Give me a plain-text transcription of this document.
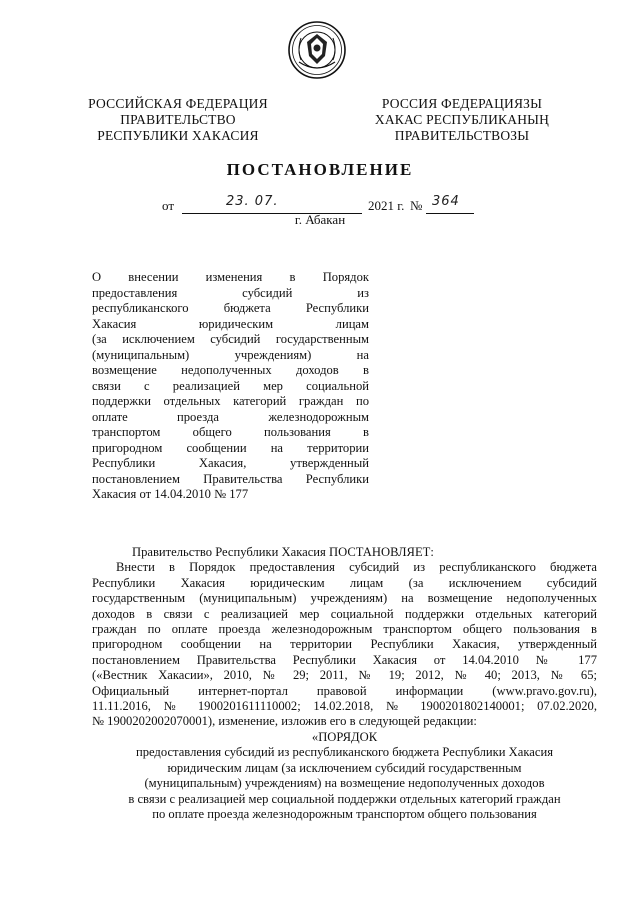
РОССИЙСКАЯ ФЕДЕРАЦИЯ
ПРАВИТЕЛЬСТВО
РЕСПУБЛИКИ ХАКАСИЯ
РОССИЯ ФЕДЕРАЦИЯЗЫ
ХАКАС РЕСПУБЛИКАНЫҢ
ПРАВИТЕЛЬСТВОЗЫ
ПОСТАНОВЛЕНИЕ
от	23. 07.	2021 г. № 364
г. Абакан
О внесении изменения в Порядок
предоставления субсидий из
республиканского бюджета Республики
Хакасия юридическим лицам
(за исключением субсидий государственным
(муниципальным) учреждениям) на
возмещение недополученных доходов в
связи с реализацией мер социальной
поддержки отдельных категорий граждан по
оплате проезда железнодорожным
транспортом общего пользования в
пригородном сообщении на территории
Республики Хакасия, утвержденный
постановлением Правительства Республики
Хакасия от 14.04.2010 № 177
Правительство Республики Хакасия ПОСТАНОВЛЯЕТ:
Внести в Порядок предоставления субсидий из республиканского бюджета
Республики Хакасия юридическим лицам (за исключением субсидий
государственным (муниципальным) учреждениям) на возмещение недополученных
доходов в связи с реализацией мер социальной поддержки отдельных категорий
граждан по оплате проезда железнодорожным транспортом общего пользования в
пригородном сообщении на территории Республики Хакасия, утвержденный
постановлением Правительства Республики Хакасия от 14.04.2010 № 177
(«Вестник Хакасии», 2010, № 29; 2011, № 19; 2012, № 40; 2013, № 65;
Официальный интернет-портал правовой информации (www.pravo.gov.ru),
11.11.2016, № 1900201611110002; 14.02.2018, № 1900201802140001; 07.02.2020,
№ 1900202002070001), изменение, изложив его в следующей редакции:
«ПОРЯДОК
предоставления субсидий из республиканского бюджета Республики Хакасия
юридическим лицам (за исключением субсидий государственным
(муниципальным) учреждениям) на возмещение недополученных доходов
в связи с реализацией мер социальной поддержки отдельных категорий граждан
по оплате проезда железнодорожным транспортом общего пользования
